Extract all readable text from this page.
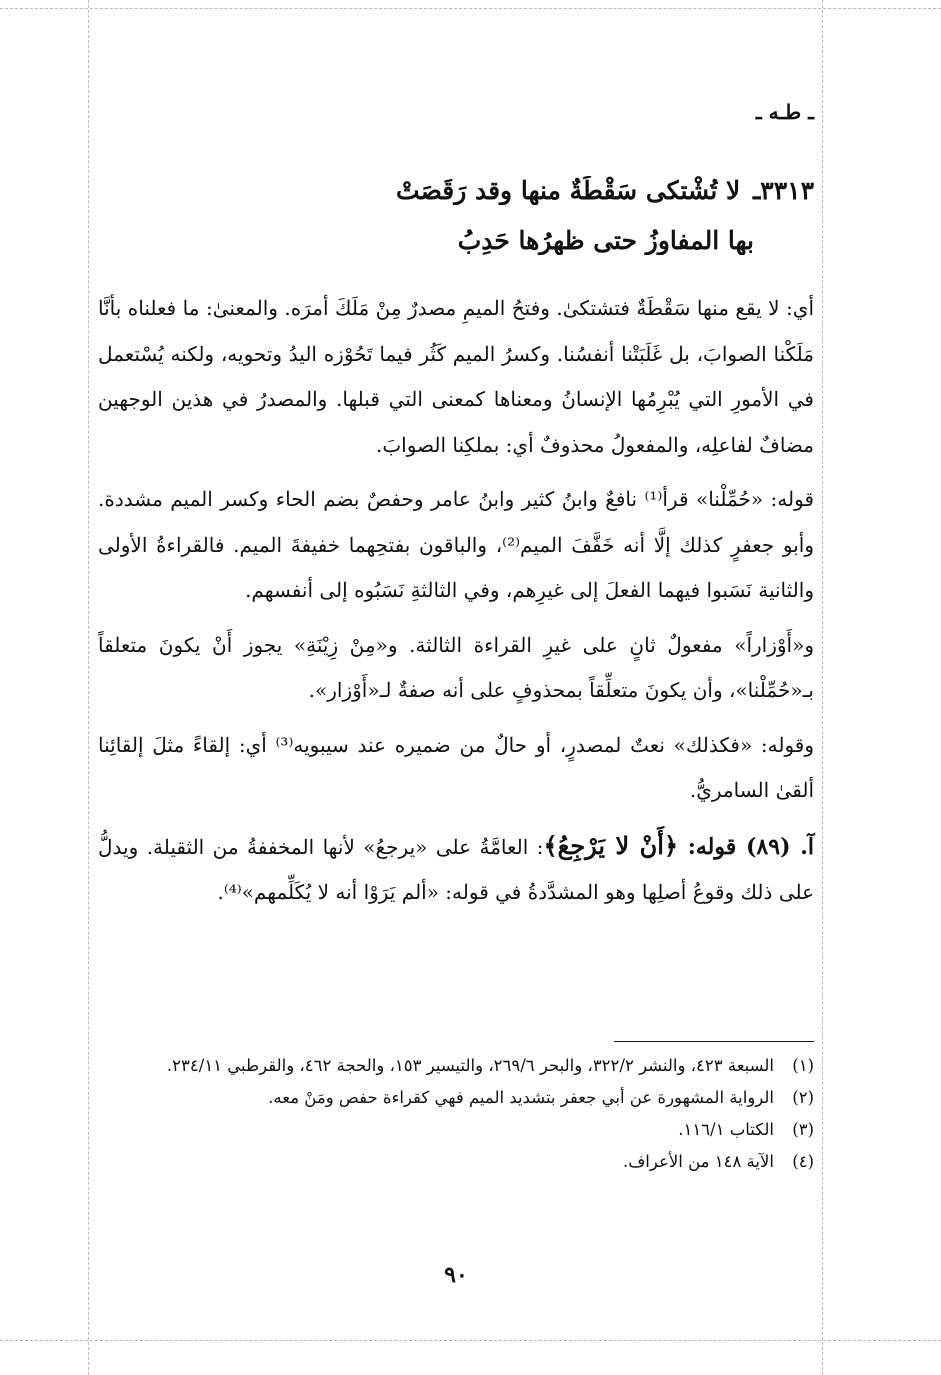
ـ طـه ـ
٣٣١٣ـ لا تُشْتكى سَقْطَةٌ منها وقد رَقَصَتْ
بها المفاوِزُ حتى ظهرُها حَدِبُ

أي: لا يقع منها سَقْطَةٌ فتشتكىٰ. وفتحُ الميمِ مصدرٌ مِنْ مَلَكَ أمرَه. والمعنىٰ: ما فعلناه بأنَّا مَلَكْنا الصوابَ، بل غَلَبَتْنا أنفسُنا. وكسرُ الميم كَثُر فيما تَحُوْزه اليدُ وتحويه، ولكنه يُسْتعمل في الأمورِ التي يُبْرِمُها الإنسانُ ومعناها كمعنى التي قبلها. والمصدرُ في هذين الوجهين مضافٌ لفاعلِه، والمفعولُ محذوفٌ أي: بملكِنا الصوابَ.

قوله: «حُمِّلْنا» قرأ⁽¹⁾ نافعٌ وابنُ كثير وابنُ عامر وحفصٌ بضم الحاء وكسر الميم مشددة. وأبو جعفرٍ كذلك إلَّا أنه خَفَّفَ الميم⁽²⁾، والباقون بفتحِهما خفيفةَ الميم. فالقراءةُ الأولى والثانية نَسَبوا فيهما الفعلَ إلى غيرِهم، وفي الثالثةِ نَسَبُوه إلى أنفسهم.

و«أَوْزاراً» مفعولٌ ثانٍ على غيرِ القراءة الثالثة. و«مِنْ زِيْنَةِ» يجوز أَنْ يكونَ متعلقاً بـ«حُمِّلْنا»، وأن يكونَ متعلِّقاً بمحذوفٍ على أنه صفةٌ لـ«أَوْزار».

وقوله: «فكذلك» نعتٌ لمصدرٍ، أو حالٌ من ضميره عند سيبويه⁽³⁾ أي: إلقاءً مثلَ إلقائِنا ألقىٰ السامريُّ.

آ. (٨٩) قوله: ﴿أَنْ لا يَرْجِعُ﴾: العامَّةُ على «يرجعُ» لأنها المخففةُ من الثقيلة. ويدلُّ على ذلك وقوعُ أصلِها وهو المشدَّدةُ في قوله: «ألم يَرَوْا أنه لا يُكَلِّمهم»⁽⁴⁾.

(١)
السبعة ٤٢٣، والنشر ٣٢٢/٢، والبحر ٢٦٩/٦، والتيسير ١٥٣، والحجة ٤٦٢، والقرطبي ٢٣٤/١١.
(٢)
الرواية المشهورة عن أبي جعفر بتشديد الميم فهي كقراءة حفص ومَنْ معه.
(٣)
الكتاب ١١٦/١.
(٤)
الآية ١٤٨ من الأعراف.
٩٠
